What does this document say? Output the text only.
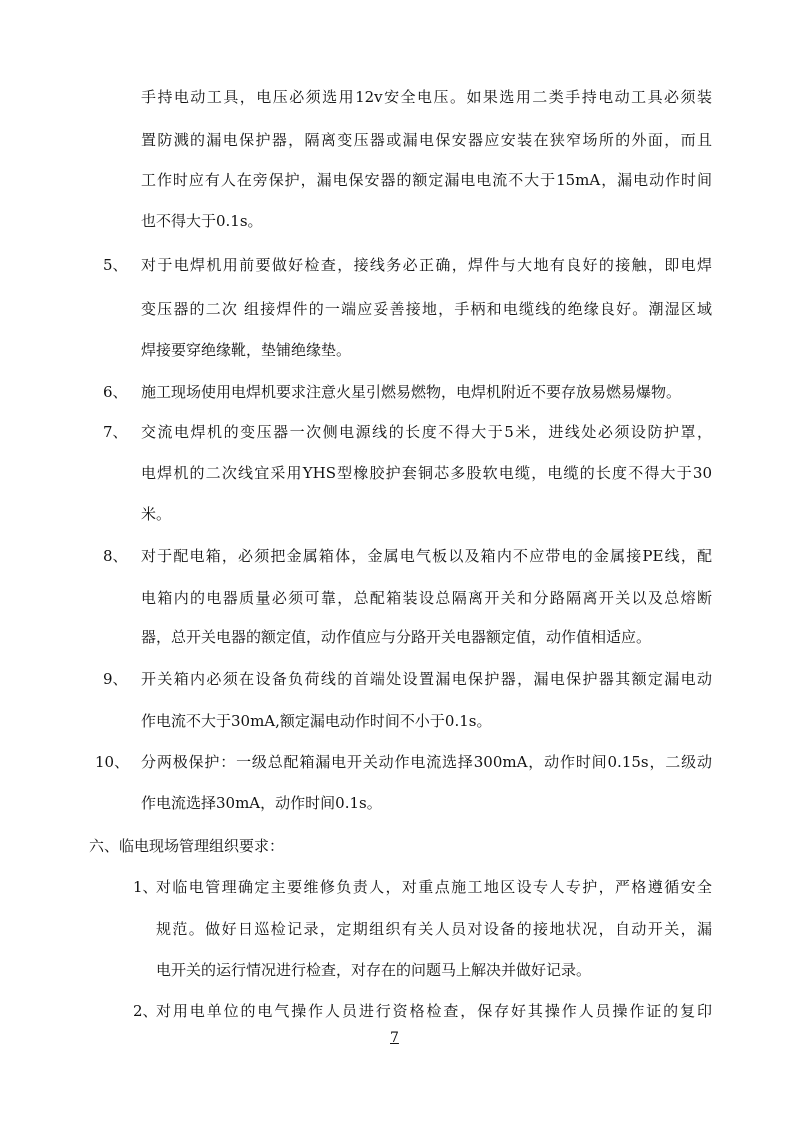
手持电动工具，电压必须选用12v安全电压。如果选用二类手持电动工具必须装
置防溅的漏电保护器，隔离变压器或漏电保安器应安装在狭窄场所的外面，而且
工作时应有人在旁保护，漏电保安器的额定漏电电流不大于15mA，漏电动作时间
也不得大于0.1s。
5、 对于电焊机用前要做好检查，接线务必正确，焊件与大地有良好的接触，即电焊
变压器的二次 组接焊件的一端应妥善接地，手柄和电缆线的绝缘良好。潮湿区域
焊接要穿绝缘靴，垫铺绝缘垫。
6、 施工现场使用电焊机要求注意火星引燃易燃物，电焊机附近不要存放易燃易爆物。
7、 交流电焊机的变压器一次侧电源线的长度不得大于5米，进线处必须设防护罩，
电焊机的二次线宜采用YHS型橡胶护套铜芯多股软电缆，电缆的长度不得大于30
米。
8、 对于配电箱，必须把金属箱体，金属电气板以及箱内不应带电的金属接PE线，配
电箱内的电器质量必须可靠，总配箱装设总隔离开关和分路隔离开关以及总熔断
器，总开关电器的额定值，动作值应与分路开关电器额定值，动作值相适应。
9、 开关箱内必须在设备负荷线的首端处设置漏电保护器，漏电保护器其额定漏电动
作电流不大于30mA,额定漏电动作时间不小于0.1s。
10、 分两极保护：一级总配箱漏电开关动作电流选择300mA，动作时间0.15s，二级动
作电流选择30mA，动作时间0.1s。
六、临电现场管理组织要求：
1、
对临电管理确定主要维修负责人，对重点施工地区设专人专护，严格遵循安全
规范。做好日巡检记录，定期组织有关人员对设备的接地状况，自动开关，漏
电开关的运行情况进行检查，对存在的问题马上解决并做好记录。
2、
对用电单位的电气操作人员进行资格检查，保存好其操作人员操作证的复印
7
